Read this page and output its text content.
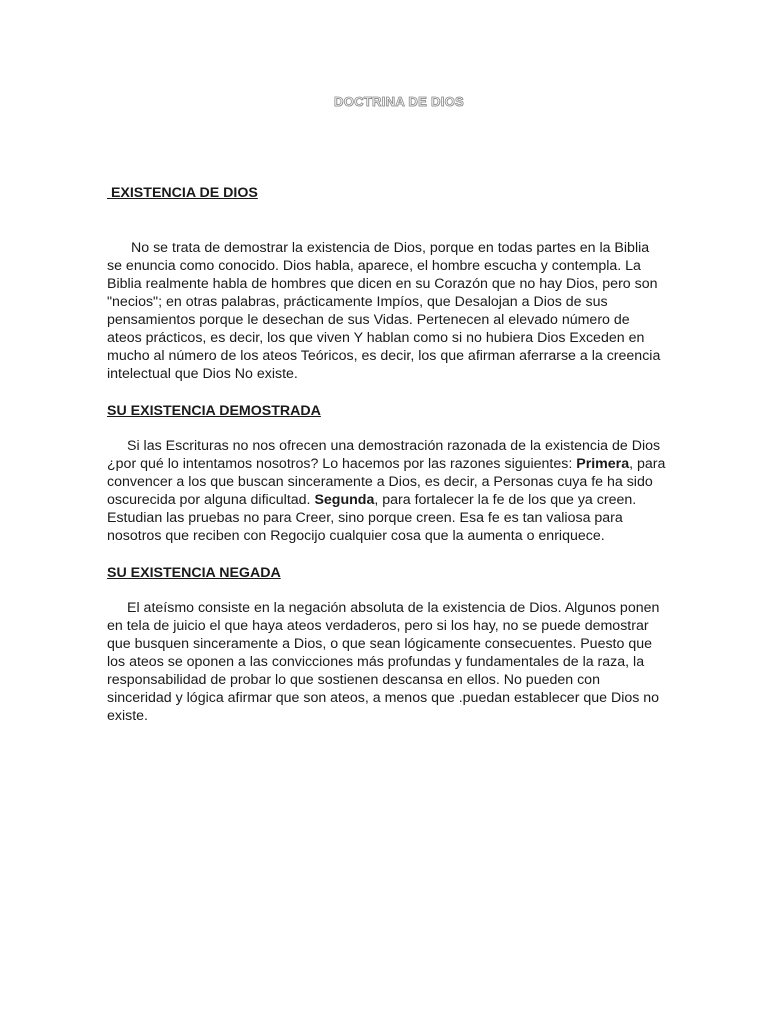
DOCTRINA DE DIOS
EXISTENCIA DE DIOS

No se trata de demostrar la existencia de Dios, porque en todas partes en la Biblia se enuncia como conocido. Dios habla, aparece, el hombre escucha y contempla. La Biblia realmente habla de hombres que dicen en su Corazón que no hay Dios, pero son "necios"; en otras palabras, prácticamente Impíos, que Desalojan a Dios de sus pensamientos porque le desechan de sus Vidas. Pertenecen al elevado número de ateos prácticos, es decir, los que viven Y hablan como si no hubiera Dios Exceden en mucho al número de los ateos Teóricos, es decir, los que afirman aferrarse a la creencia intelectual que Dios No existe.

SU EXISTENCIA DEMOSTRADA

Si las Escrituras no nos ofrecen una demostración razonada de la existencia de Dios ¿por qué lo intentamos nosotros? Lo hacemos por las razones siguientes: Primera, para convencer a los que buscan sinceramente a Dios, es decir, a Personas cuya fe ha sido oscurecida por alguna dificultad. Segunda, para fortalecer la fe de los que ya creen. Estudian las pruebas no para Creer, sino porque creen. Esa fe es tan valiosa para nosotros que reciben con Regocijo cualquier cosa que la aumenta o enriquece.

SU EXISTENCIA NEGADA

El ateísmo consiste en la negación absoluta de la existencia de Dios. Algunos ponen en tela de juicio el que haya ateos verdaderos, pero si los hay, no se puede demostrar que busquen sinceramente a Dios, o que sean lógicamente consecuentes. Puesto que los ateos se oponen a las convicciones más profundas y fundamentales de la raza, la responsabilidad de probar lo que sostienen descansa en ellos. No pueden con sinceridad y lógica afirmar que son ateos, a menos que .puedan establecer que Dios no existe.
